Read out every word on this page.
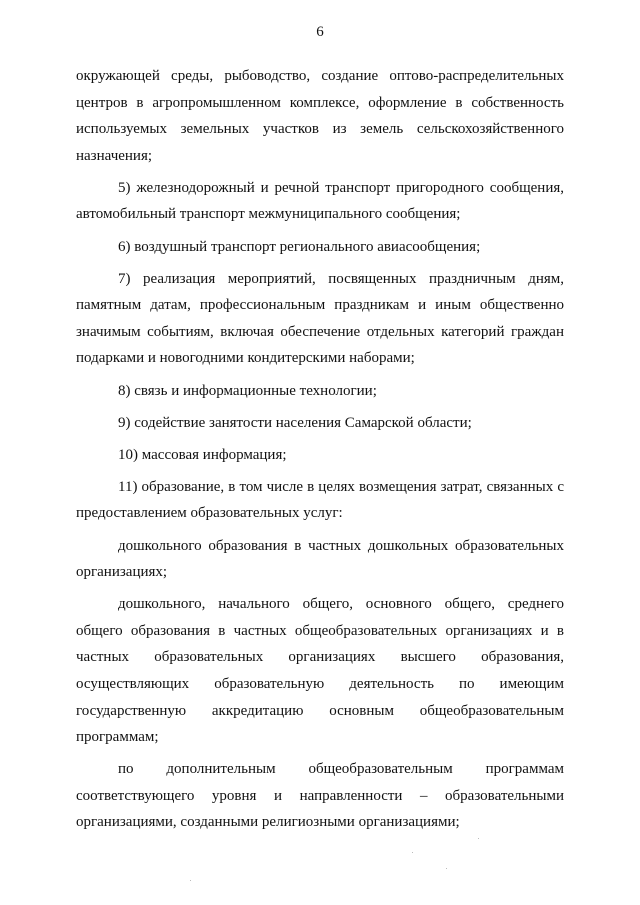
6

окружающей среды, рыбоводство, создание оптово-распределительных центров в агропромышленном комплексе, оформление в собственность используемых земельных участков из земель сельскохозяйственного назначения;

5) железнодорожный и речной транспорт пригородного сообщения, автомобильный транспорт межмуниципального сообщения;

6) воздушный транспорт регионального авиасообщения;

7) реализация мероприятий, посвященных праздничным дням, памятным датам, профессиональным праздникам и иным общественно значимым событиям, включая обеспечение отдельных категорий граждан подарками и новогодними кондитерскими наборами;

8) связь и информационные технологии;

9) содействие занятости населения Самарской области;

10) массовая информация;

11) образование, в том числе в целях возмещения затрат, связанных с предоставлением образовательных услуг:

дошкольного образования в частных дошкольных образовательных организациях;

дошкольного, начального общего, основного общего, среднего общего образования в частных общеобразовательных организациях и в частных образовательных организациях высшего образования, осуществляющих образовательную деятельность по имеющим государственную аккредитацию основным общеобразовательным программам;

по дополнительным общеобразовательным программам соответствующего уровня и направленности – образовательными организациями, созданными религиозными организациями;
